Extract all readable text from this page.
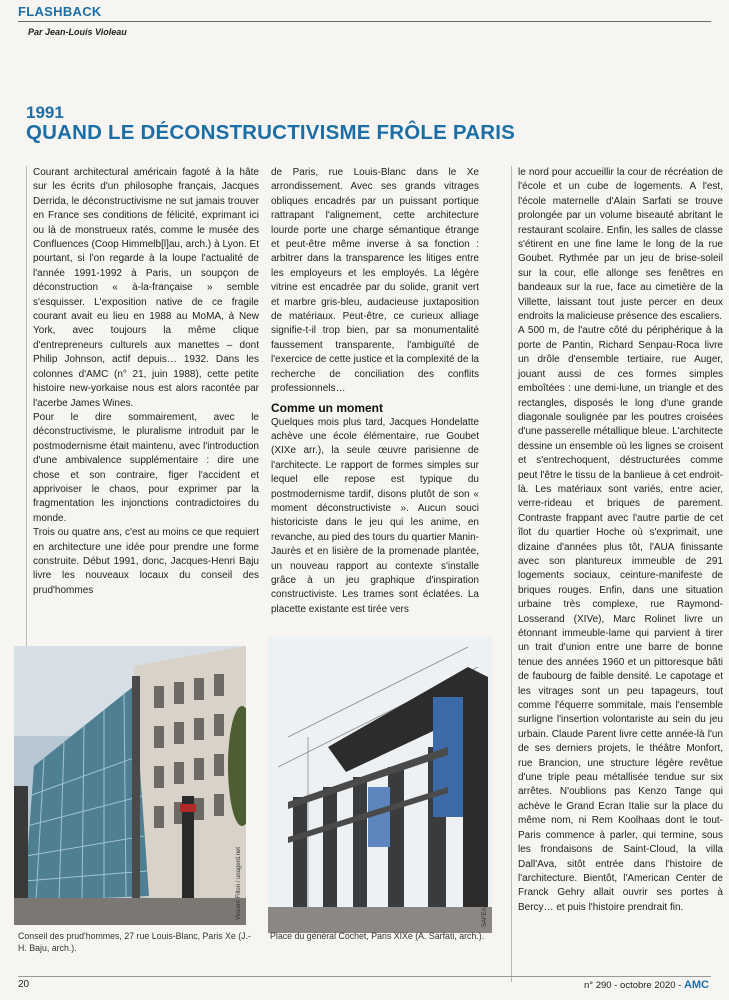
FLASHBACK
Par Jean-Louis Violeau
1991
QUAND LE DÉCONSTRUCTIVISME FRÔLE PARIS

Courant architectural américain fagoté à la hâte sur les écrits d'un philosophe français, Jacques Derrida, le déconstructivisme ne sut jamais trouver en France ses conditions de félicité, exprimant ici ou là de monstrueux ratés, comme le musée des Confluences (Coop Himmelb[l]au, arch.) à Lyon. Et pourtant, si l'on regarde à la loupe l'actualité de l'année 1991-1992 à Paris, un soupçon de déconstruction « à-la-française » semble s'esquisser. L'exposition native de ce fragile courant avait eu lieu en 1988 au MoMA, à New York, avec toujours la même clique d'entrepreneurs culturels aux manettes – dont Philip Johnson, actif depuis… 1932. Dans les colonnes d'AMC (n° 21, juin 1988), cette petite histoire new-yorkaise nous est alors racontée par l'acerbe James Wines.

Pour le dire sommairement, avec le déconstructivisme, le pluralisme introduit par le postmodernisme était maintenu, avec l'introduction d'une ambivalence supplémentaire : dire une chose et son contraire, figer l'accident et apprivoiser le chaos, pour exprimer par la fragmentation les injonctions contradictoires du monde.

Trois ou quatre ans, c'est au moins ce que requiert en architecture une idée pour prendre une forme construite. Début 1991, donc, Jacques-Henri Baju livre les nouveaux locaux du conseil des prud'hommes

de Paris, rue Louis-Blanc dans le Xe arrondissement. Avec ses grands vitrages obliques encadrés par un puissant portique rattrapant l'alignement, cette architecture lourde porte une charge sémantique étrange et peut-être même inverse à sa fonction : arbitrer dans la transparence les litiges entre les employeurs et les employés. La légère vitrine est encadrée par du solide, granit vert et marbre gris-bleu, audacieuse juxtaposition de matériaux. Peut-être, ce curieux alliage signifie-t-il trop bien, par sa monumentalité faussement transparente, l'ambiguïté de l'exercice de cette justice et la complexité de la recherche de conciliation des conflits professionnels…

Comme un moment

Quelques mois plus tard, Jacques Hondelatte achève une école élémentaire, rue Goubet (XIXe arr.), la seule œuvre parisienne de l'architecte. Le rapport de formes simples sur lequel elle repose est typique du postmodernisme tardif, disons plutôt de son « moment déconstructiviste ». Aucun souci historiciste dans le jeu qui les anime, en revanche, au pied des tours du quartier Manin-Jaurès et en lisière de la promenade plantée, un nouveau rapport au contexte s'installe grâce à un jeu graphique d'inspiration constructiviste. Les trames sont éclatées. La placette existante est tirée vers

le nord pour accueillir la cour de récréation de l'école et un cube de logements. A l'est, l'école maternelle d'Alain Sarfati se trouve prolongée par un volume biseauté abritant le restaurant scolaire. Enfin, les salles de classe s'étirent en une fine lame le long de la rue Goubet. Rythmée par un jeu de brise-soleil sur la cour, elle allonge ses fenêtres en bandeaux sur la rue, face au cimetière de la Villette, laissant tout juste percer en deux endroits la malicieuse présence des escaliers.

A 500 m, de l'autre côté du périphérique à la porte de Pantin, Richard Senpau-Roca livre un drôle d'ensemble tertiaire, rue Auger, jouant aussi de ces formes simples emboîtées : une demi-lune, un triangle et des rectangles, disposés le long d'une grande diagonale soulignée par les poutres croisées d'une passerelle métallique bleue. L'architecte dessine un ensemble où les lignes se croisent et s'entrechoquent, déstructurées comme peut l'être le tissu de la banlieue à cet endroit-là. Les matériaux sont variés, entre acier, verre-rideau et briques de parement. Contraste frappant avec l'autre partie de cet îlot du quartier Hoche où s'exprimait, une dizaine d'années plus tôt, l'AUA finissante avec son plantureux immeuble de 291 logements sociaux, ceinture-manifeste de briques rouges. Enfin, dans une situation urbaine très complexe, rue Raymond-Losserand (XIVe), Marc Rolinet livre un étonnant immeuble-lame qui parvient à tirer un trait d'union entre une barre de bonne tenue des années 1960 et un pittoresque bâti de faubourg de faible densité. Le capotage et les vitrages sont un peu tapageurs, tout comme l'équerre sommitale, mais l'ensemble surligne l'insertion volontariste au sein du jeu urbain. Claude Parent livre cette année-là l'un de ses derniers projets, le théâtre Monfort, rue Brancion, une structure légère revêtue d'une triple peau métallisée tendue sur six arrêtes. N'oublions pas Kenzo Tange qui achève le Grand Ecran Italie sur la place du même nom, ni Rem Koolhaas dont le tout-Paris commence à parler, qui termine, sous les frondaisons de Saint-Cloud, la villa Dall'Ava, sitôt entrée dans l'histoire de l'architecture. Bientôt, l'American Center de Franck Gehry allait ouvrir ses portes à Bercy… et puis l'histoire prendrait fin.

Vincent Fillon / unagerd.net	SAFEA
Conseil des prud'hommes, 27 rue Louis-Blanc, Paris Xe (J.-H. Baju, arch.).
Place du général Cochet, Paris XIXe (A. Sarfati, arch.).
20	n° 290 - octobre 2020 - AMC
